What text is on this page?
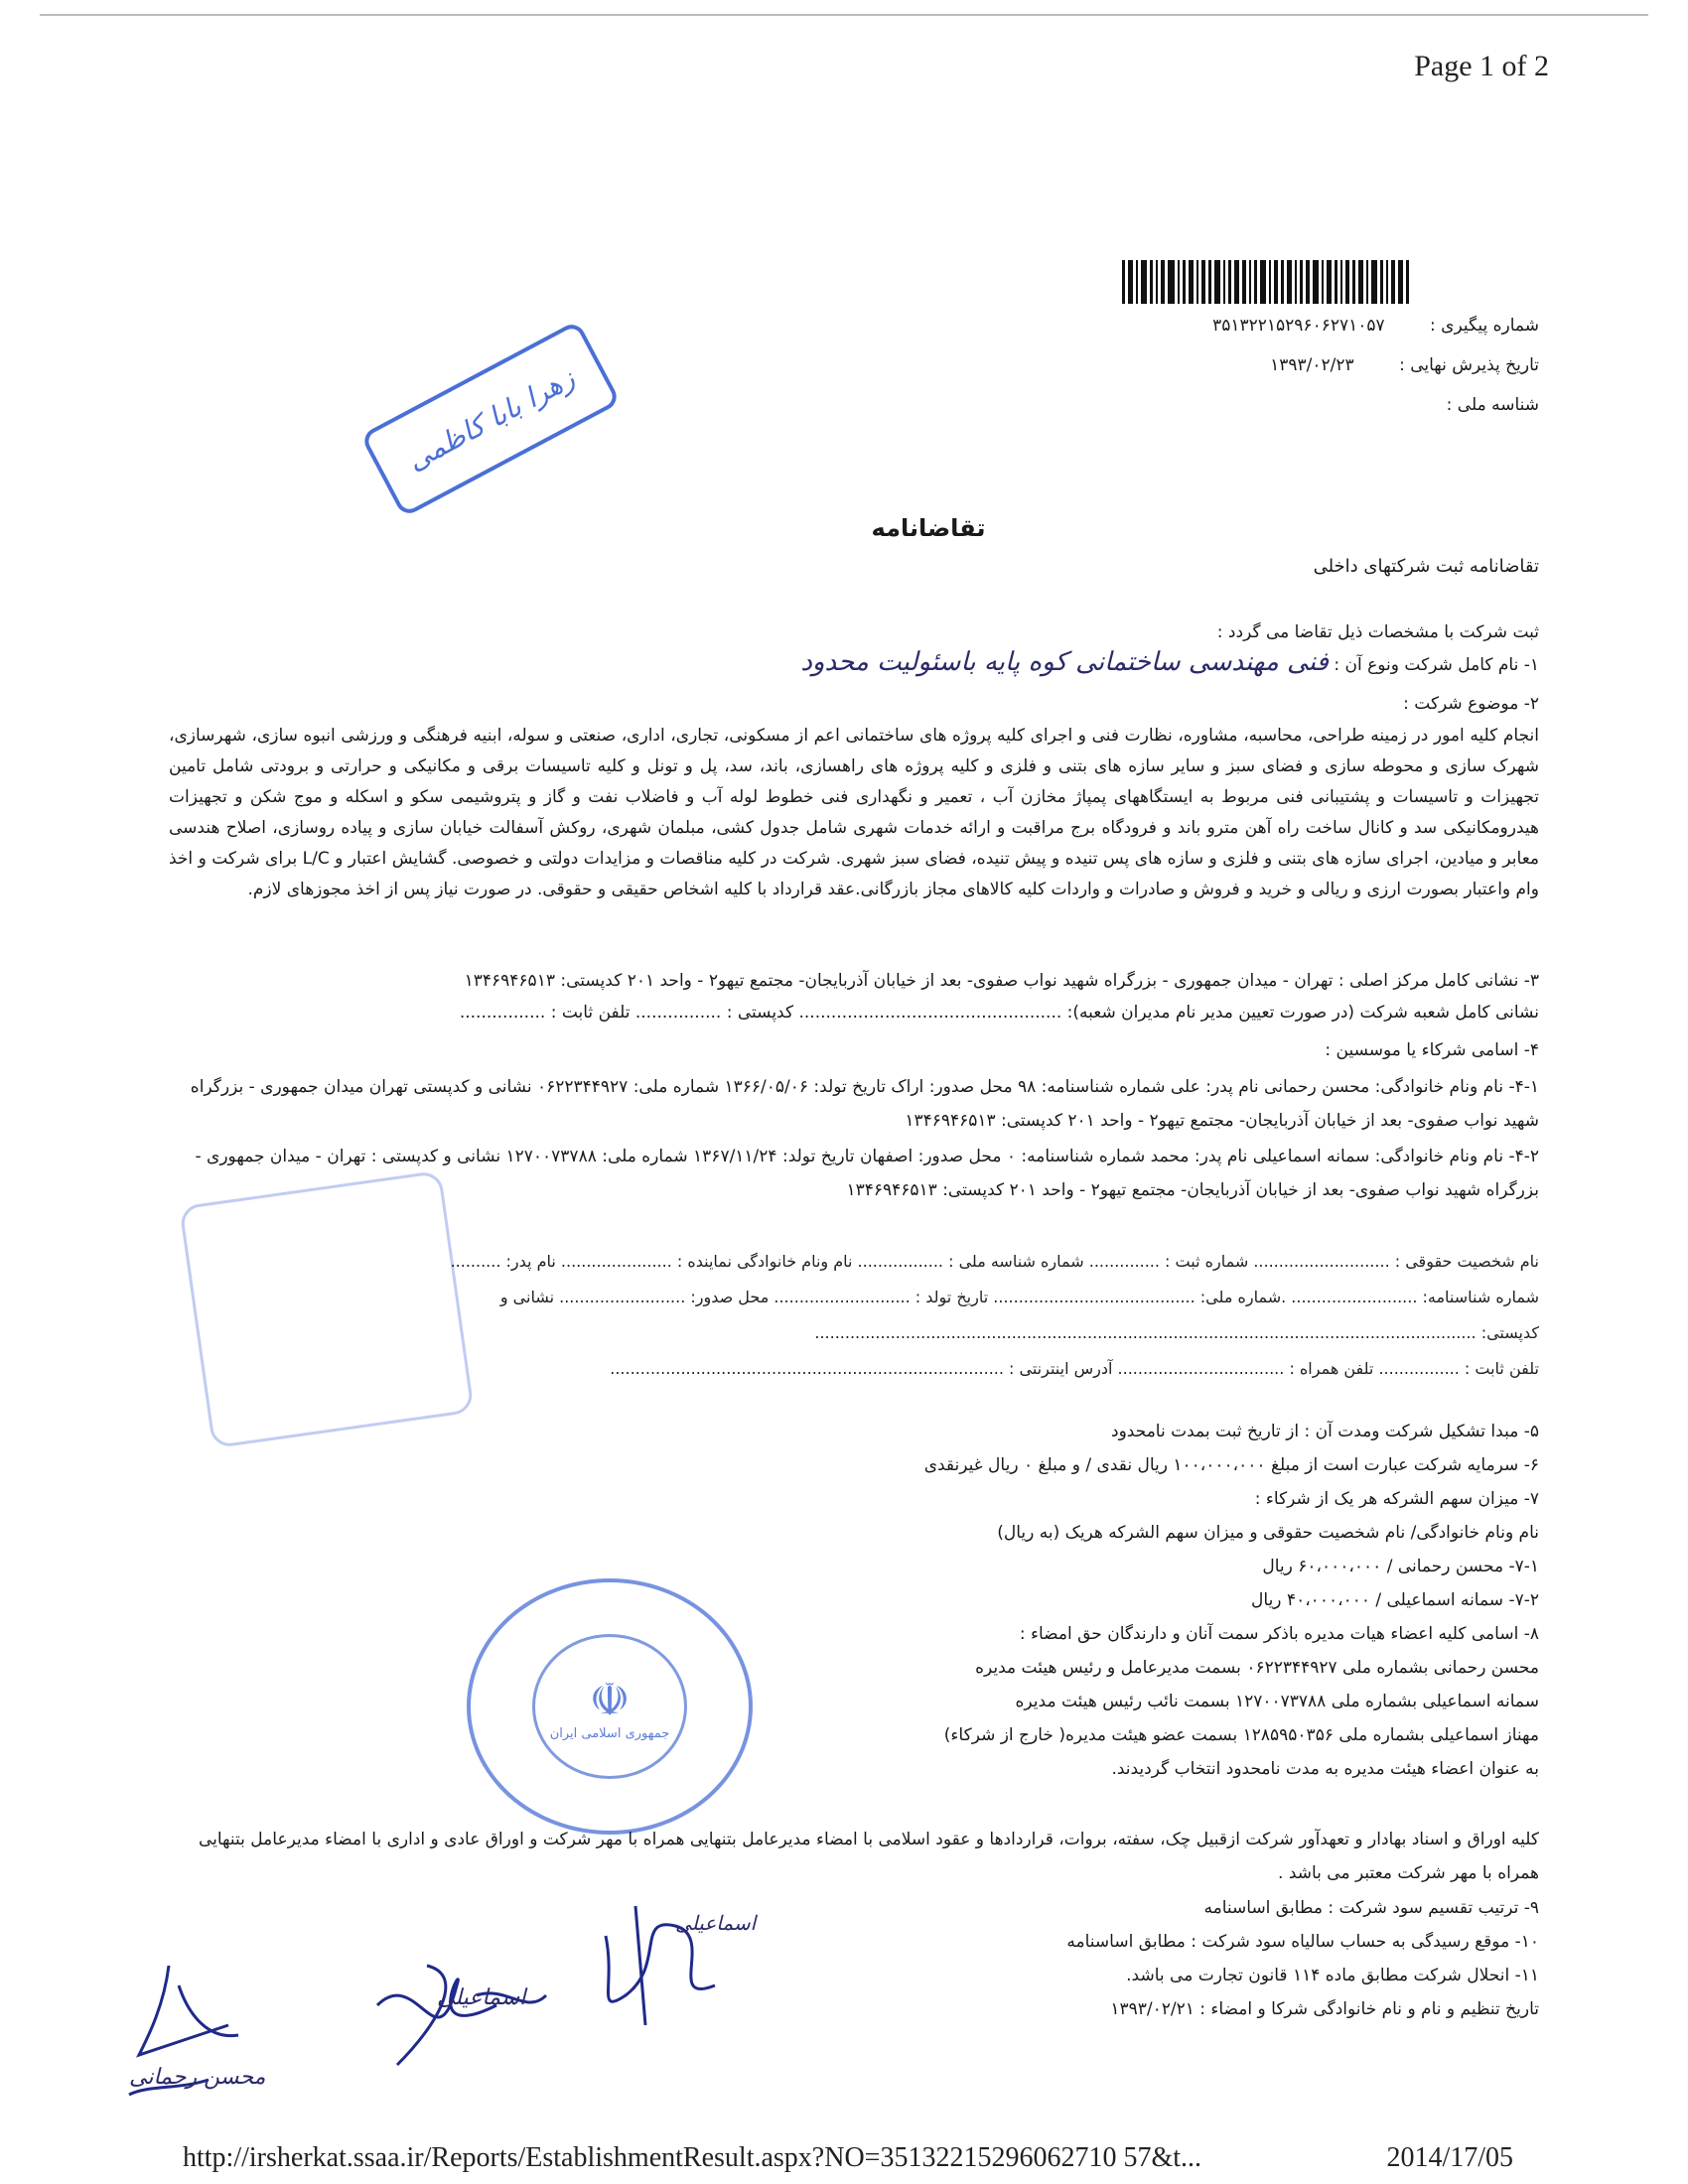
Page 1 of 2
شماره پیگیری : ۳۵۱۳۲۲۱۵۲۹۶۰۶۲۷۱۰۵۷
تاریخ پذیرش نهایی : ۱۳۹۳/۰۲/۲۳
شناسه ملی :
زهرا بابا کاظمی
تقاضانامه
تقاضانامه ثبت شرکتهای داخلی
ثبت شرکت با مشخصات ذیل تقاضا می گردد :
۱- نام کامل شرکت ونوع آن : فنی مهندسی ساختمانی کوه پایه باسئولیت محدود
۲- موضوع شرکت :
انجام کلیه امور در زمینه طراحی، محاسبه، مشاوره، نظارت فنی و اجرای کلیه پروژه های ساختمانی اعم از مسکونی، تجاری، اداری، صنعتی و سوله، ابنیه فرهنگی و ورزشی انبوه سازی، شهرسازی، شهرک سازی و محوطه سازی و فضای سبز و سایر سازه های بتنی و فلزی و کلیه پروژه های راهسازی، باند، سد، پل و تونل و کلیه تاسیسات برقی و مکانیکی و حرارتی و برودتی شامل تامین تجهیزات و تاسیسات و پشتیبانی فنی مربوط به ایستگاههای پمپاژ مخازن آب ، تعمیر و نگهداری فنی خطوط لوله آب و فاضلاب نفت و گاز و پتروشیمی سکو و اسکله و موج شکن و تجهیزات هیدرومکانیکی سد و کانال ساخت راه آهن مترو باند و فرودگاه برج مراقبت و ارائه خدمات شهری شامل جدول کشی، مبلمان شهری، روکش آسفالت خیابان سازی و پیاده روسازی، اصلاح هندسی معابر و میادین، اجرای سازه های بتنی و فلزی و سازه های پس تنیده و پیش تنیده، فضای سبز شهری. شرکت در کلیه مناقصات و مزایدات دولتی و خصوصی. گشایش اعتبار و L/C برای شرکت و اخذ وام واعتبار بصورت ارزی و ریالی و خرید و فروش و صادرات و واردات کلیه کالاهای مجاز بازرگانی.عقد قرارداد با کلیه اشخاص حقیقی و حقوقی. در صورت نیاز پس از اخذ مجوزهای لازم.
۳- نشانی کامل مرکز اصلی : تهران - میدان جمهوری - بزرگراه شهید نواب صفوی- بعد از خیابان آذربایجان- مجتمع تیهو۲ - واحد ۲۰۱ کدپستی: ۱۳۴۶۹۴۶۵۱۳
نشانی کامل شعبه شرکت (در صورت تعیین مدیر نام مدیران شعبه): ................................................. کدپستی : ................ تلفن ثابت : ................
۴- اسامی شرکاء یا موسسین :
۴-۱- نام ونام خانوادگی: محسن رحمانی نام پدر: علی شماره شناسنامه: ۹۸ محل صدور: اراک تاریخ تولد: ۱۳۶۶/۰۵/۰۶ شماره ملی: ۰۶۲۲۳۴۴۹۲۷ نشانی و کدپستی تهران میدان جمهوری - بزرگراه شهید نواب صفوی- بعد از خیابان آذربایجان- مجتمع تیهو۲ - واحد ۲۰۱ کدپستی: ۱۳۴۶۹۴۶۵۱۳
۴-۲- نام ونام خانوادگی: سمانه اسماعیلی نام پدر: محمد شماره شناسنامه: ۰ محل صدور: اصفهان تاریخ تولد: ۱۳۶۷/۱۱/۲۴ شماره ملی: ۱۲۷۰۰۷۳۷۸۸ نشانی و کدپستی : تهران - میدان جمهوری - بزرگراه شهید نواب صفوی- بعد از خیابان آذربایجان- مجتمع تیهو۲ - واحد ۲۰۱ کدپستی: ۱۳۴۶۹۴۶۵۱۳
نام شخصیت حقوقی : ........................... شماره ثبت : .............. شماره شناسه ملی : ................. نام ونام خانوادگی نماینده : ...................... نام پدر: ..........
شماره شناسنامه: ......................... .شماره ملی: ........................................ تاریخ تولد : ........................... محل صدور: ......................... نشانی و
کدپستی: ...................................................................................................................................
تلفن ثابت : ................ تلفن همراه : ................................. آدرس اینترنتی : ..............................................................................
۵- مبدا تشکیل شرکت ومدت آن : از تاریخ ثبت بمدت نامحدود
۶- سرمایه شرکت عبارت است از مبلغ ۱۰۰،۰۰۰،۰۰۰ ریال نقدی / و مبلغ ۰ ریال غیرنقدی
۷- میزان سهم الشرکه هر یک از شرکاء :
نام ونام خانوادگی/ نام شخصیت حقوقی و میزان سهم الشرکه هریک (به ریال)
۷-۱- محسن رحمانی / ۶۰،۰۰۰،۰۰۰ ریال
۷-۲- سمانه اسماعیلی / ۴۰،۰۰۰،۰۰۰ ریال
۸- اسامی کلیه اعضاء هیات مدیره باذکر سمت آنان و دارندگان حق امضاء :
محسن رحمانی بشماره ملی ۰۶۲۲۳۴۴۹۲۷ بسمت مدیرعامل و رئیس هیئت مدیره
سمانه اسماعیلی بشماره ملی ۱۲۷۰۰۷۳۷۸۸ بسمت نائب رئیس هیئت مدیره
مهناز اسماعیلی بشماره ملی ۱۲۸۵۹۵۰۳۵۶ بسمت عضو هیئت مدیره( خارج از شرکاء)
به عنوان اعضاء هیئت مدیره به مدت نامحدود انتخاب گردیدند.
☫
جمهوری اسلامی ایران
کلیه اوراق و اسناد بهادار و تعهدآور شرکت ازقبیل چک، سفته، بروات، قراردادها و عقود اسلامی با امضاء مدیرعامل بتنهایی همراه با مهر شرکت و اوراق عادی و اداری با امضاء مدیرعامل بتنهایی همراه با مهر شرکت معتبر می باشد .
۹- ترتیب تقسیم سود شرکت : مطابق اساسنامه
۱۰- موقع رسیدگی به حساب سالیاه سود شرکت : مطابق اساسنامه
۱۱- انحلال شرکت مطابق ماده ۱۱۴ قانون تجارت می باشد.
تاریخ تنظیم و نام و نام خانوادگی شرکا و امضاء : ۱۳۹۳/۰۲/۲۱
محسن رحمانی
اسماعیلی
اسماعیلی
http://irsherkat.ssaa.ir/Reports/EstablishmentResult.aspx?NO=35132215296062710 57&t...	2014/17/05
